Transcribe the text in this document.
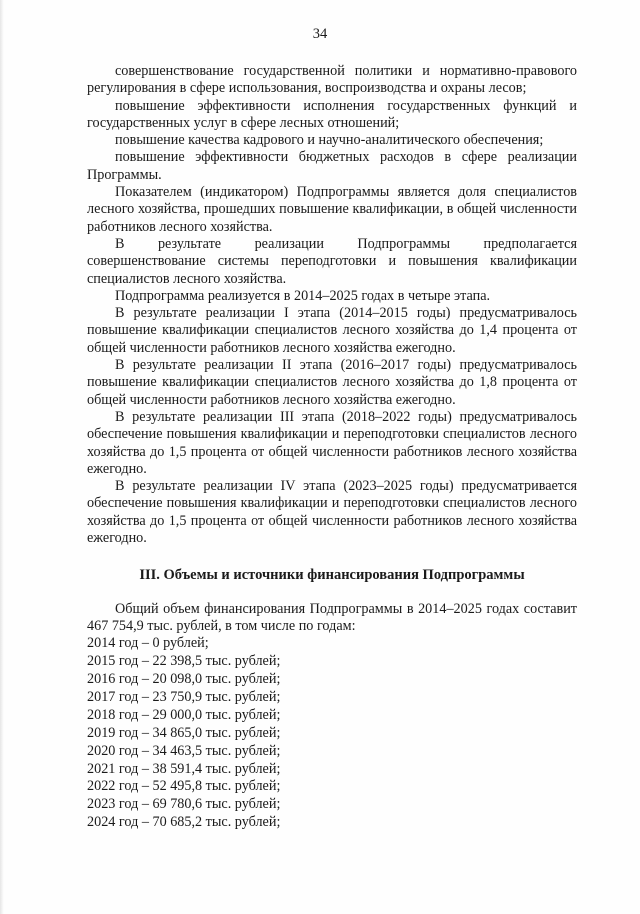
34

совершенствование государственной политики и нормативно-правового регулирования в сфере использования, воспроизводства и охраны лесов;

повышение эффективности исполнения государственных функций и государственных услуг в сфере лесных отношений;

повышение качества кадрового и научно-аналитического обеспечения;

повышение эффективности бюджетных расходов в сфере реализации Программы.

Показателем (индикатором) Подпрограммы является доля специалистов лесного хозяйства, прошедших повышение квалификации, в общей численности работников лесного хозяйства.

В результате реализации Подпрограммы предполагается совершенствование системы переподготовки и повышения квалификации специалистов лесного хозяйства.

Подпрограмма реализуется в 2014–2025 годах в четыре этапа.

В результате реализации I этапа (2014–2015 годы) предусматривалось повышение квалификации специалистов лесного хозяйства до 1,4 процента от общей численности работников лесного хозяйства ежегодно.

В результате реализации II этапа (2016–2017 годы) предусматривалось повышение квалификации специалистов лесного хозяйства до 1,8 процента от общей численности работников лесного хозяйства ежегодно.

В результате реализации III этапа (2018–2022 годы) предусматривалось обеспечение повышения квалификации и переподготовки специалистов лесного хозяйства до 1,5 процента от общей численности работников лесного хозяйства ежегодно.

В результате реализации IV этапа (2023–2025 годы) предусматривается обеспечение повышения квалификации и переподготовки специалистов лесного хозяйства до 1,5 процента от общей численности работников лесного хозяйства ежегодно.

III. Объемы и источники финансирования Подпрограммы

Общий объем финансирования Подпрограммы в 2014–2025 годах составит 467 754,9 тыс. рублей, в том числе по годам:

2014 год – 0 рублей;
2015 год – 22 398,5 тыс. рублей;
2016 год – 20 098,0 тыс. рублей;
2017 год – 23 750,9 тыс. рублей;
2018 год – 29 000,0 тыс. рублей;
2019 год – 34 865,0 тыс. рублей;
2020 год – 34 463,5 тыс. рублей;
2021 год – 38 591,4 тыс. рублей;
2022 год – 52 495,8 тыс. рублей;
2023 год – 69 780,6 тыс. рублей;
2024 год – 70 685,2 тыс. рублей;
